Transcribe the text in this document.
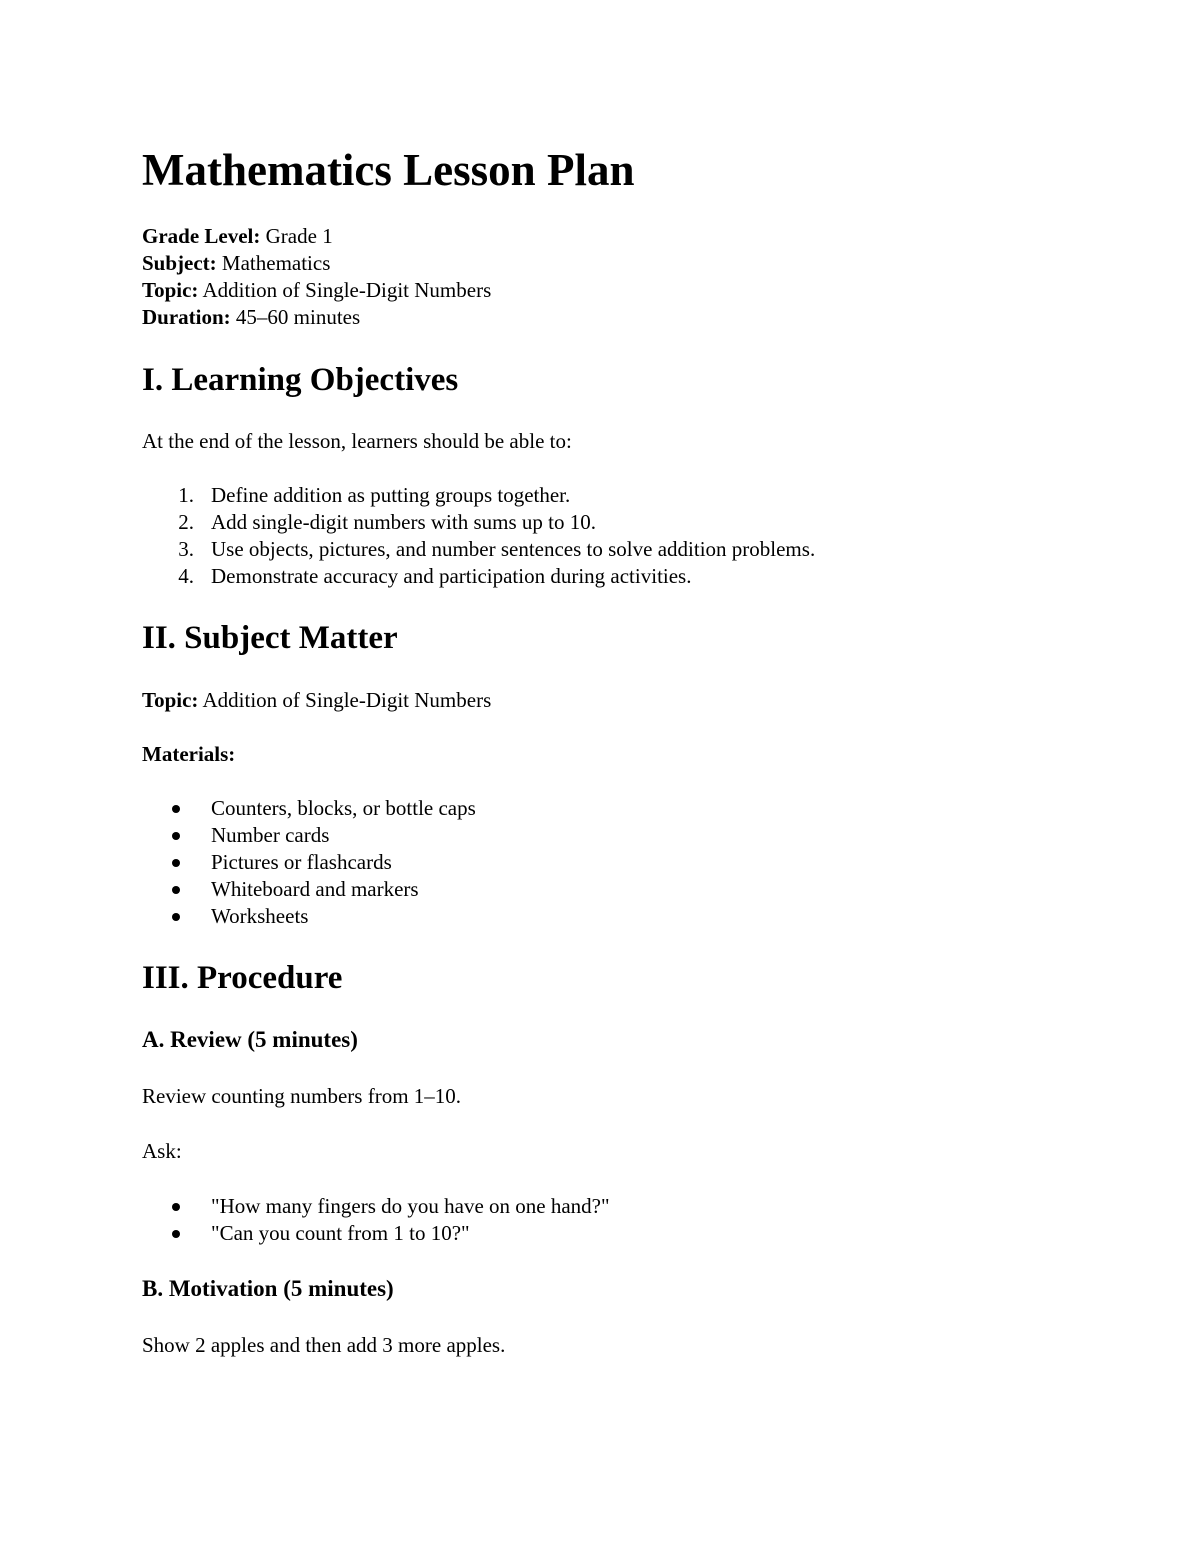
Mathematics Lesson Plan
Grade Level: Grade 1
Subject: Mathematics
Topic: Addition of Single-Digit Numbers
Duration: 45–60 minutes
I. Learning Objectives

At the end of the lesson, learners should be able to:

1. Define addition as putting groups together.
2. Add single-digit numbers with sums up to 10.
3. Use objects, pictures, and number sentences to solve addition problems.
4. Demonstrate accuracy and participation during activities.
II. Subject Matter

Topic: Addition of Single-Digit Numbers

Materials:

Counters, blocks, or bottle caps
Number cards
Pictures or flashcards
Whiteboard and markers
Worksheets
III. Procedure
A. Review (5 minutes)

Review counting numbers from 1–10.

Ask:

"How many fingers do you have on one hand?"
"Can you count from 1 to 10?"
B. Motivation (5 minutes)

Show 2 apples and then add 3 more apples.
